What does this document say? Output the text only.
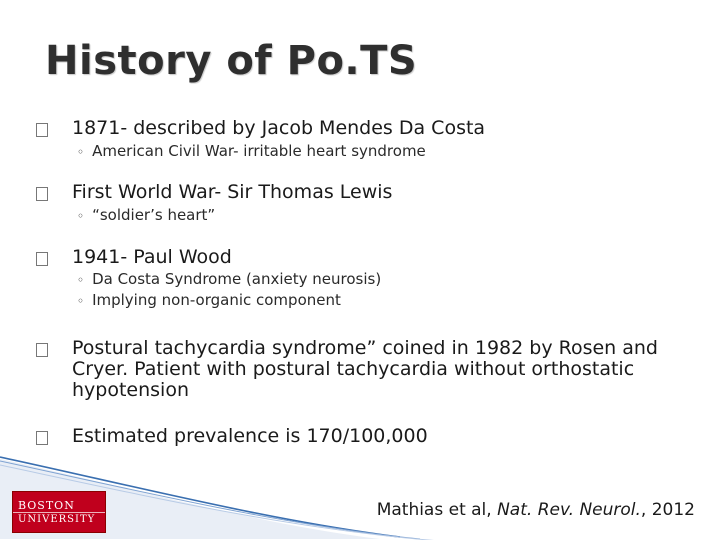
History of Po.TS
1871- described by Jacob Mendes Da Costa
◦ American Civil War- irritable heart syndrome
First World War- Sir Thomas Lewis
◦ “soldier’s heart”
1941- Paul Wood
◦ Da Costa Syndrome (anxiety neurosis)
◦ Implying non-organic component
Postural tachycardia syndrome” coined in 1982 by Rosen and Cryer. Patient with postural tachycardia without orthostatic hypotension
Estimated prevalence is 170/100,000
BOSTON
UNIVERSITY	Mathias et al, Nat. Rev. Neurol., 2012
